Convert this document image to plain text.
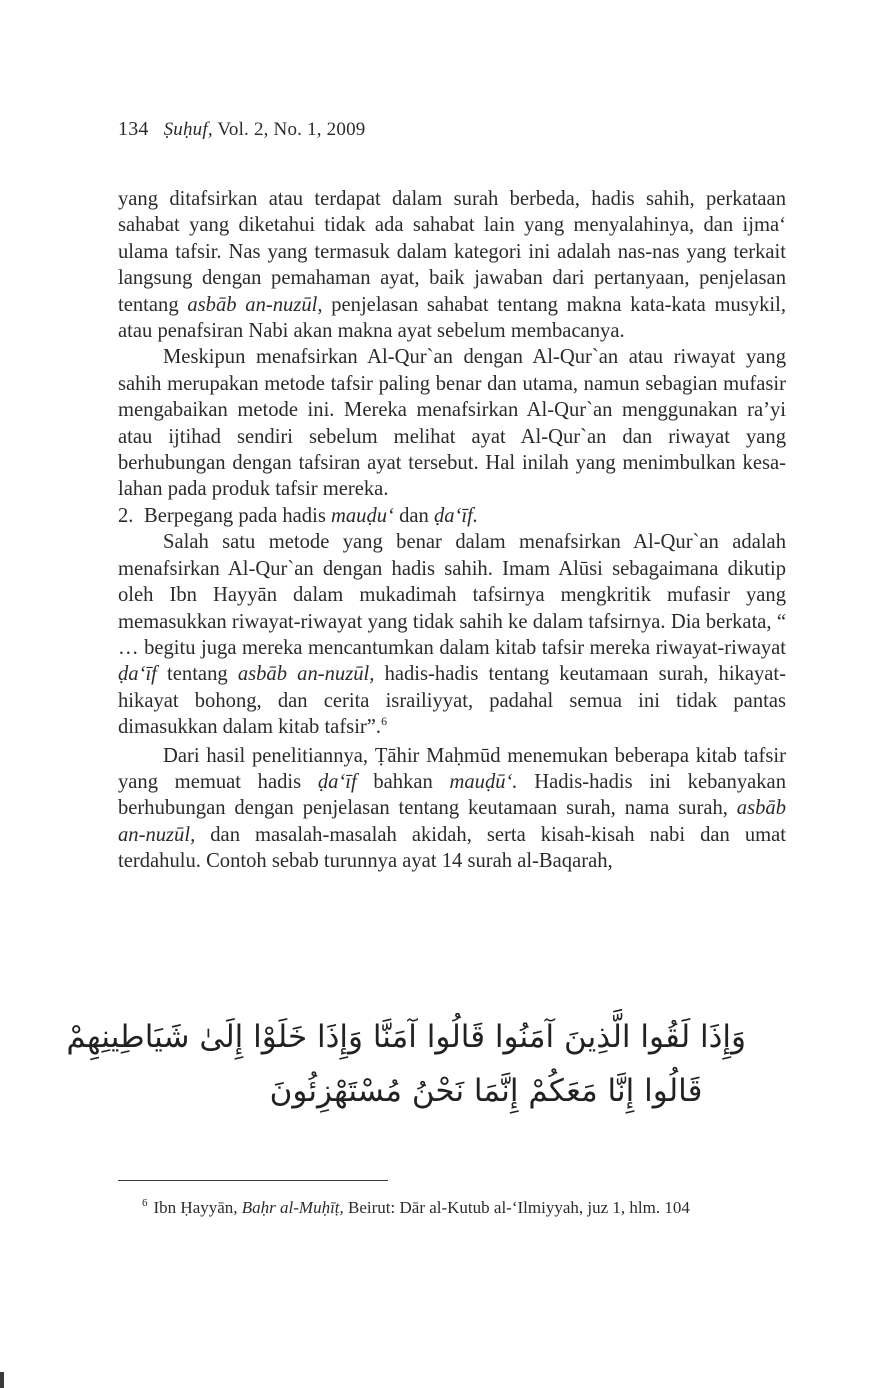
134 Ṣuḥuf, Vol. 2, No. 1, 2009

yang ditafsirkan atau terdapat dalam surah berbeda, hadis sahih, perkataan sahabat yang diketahui tidak ada sahabat lain yang menyalahinya, dan ijma‘ ulama tafsir. Nas yang termasuk dalam kategori ini adalah nas-nas yang terkait langsung dengan pemahaman ayat, baik jawaban dari pertanyaan, penjelasan tentang asbāb an-nuzūl, penjelasan sahabat tentang makna kata-kata musykil, atau penafsiran Nabi akan makna ayat sebelum membacanya.

Meskipun menafsirkan Al-Qur`an dengan Al-Qur`an atau riwayat yang sahih merupakan metode tafsir paling benar dan utama, namun sebagian mufasir mengabaikan metode ini. Mereka menafsirkan Al-Qur`an menggunakan ra’yi atau ijtihad sendiri sebelum melihat ayat Al-Qur`an dan riwayat yang berhubungan dengan tafsiran ayat tersebut. Hal inilah yang menimbulkan kesalahan pada produk tafsir mereka.

2. Berpegang pada hadis mauḍu‘ dan ḍa‘īf.

Salah satu metode yang benar dalam menafsirkan Al-Qur`an adalah menafsirkan Al-Qur`an dengan hadis sahih. Imam Alūsi sebagaimana dikutip oleh Ibn Hayyān dalam mukadimah tafsirnya mengkritik mufasir yang memasukkan riwayat-riwayat yang tidak sahih ke dalam tafsirnya. Dia berkata, “ … begitu juga mereka mencantumkan dalam kitab tafsir mereka riwayat-riwayat ḍa‘īf tentang asbāb an-nuzūl, hadis-hadis tentang keutamaan surah, hikayat-hikayat bohong, dan cerita israiliyyat, padahal semua ini tidak pantas dimasukkan dalam kitab tafsir”.$^6$

Dari hasil penelitiannya, Ṭāhir Maḥmūd menemukan beberapa kitab tafsir yang memuat hadis ḍa‘īf bahkan mauḍū‘. Hadis-hadis ini kebanyakan berhubungan dengan penjelasan tentang keutamaan surah, nama surah, asbāb an-nuzūl, dan masalah-masalah akidah, serta kisah-kisah nabi dan umat terdahulu. Contoh sebab turunnya ayat 14 surah al-Baqarah,

وَإِذَا لَقُوا الَّذِينَ آمَنُوا قَالُوا آمَنَّا وَإِذَا خَلَوْا إِلَىٰ شَيَاطِينِهِمْ
قَالُوا إِنَّا مَعَكُمْ إِنَّمَا نَحْنُ مُسْتَهْزِئُونَ
6 Ibn Ḥayyān, Baḥr al-Muḥīṭ, Beirut: Dār al-Kutub al-‘Ilmiyyah, juz 1, hlm. 104
